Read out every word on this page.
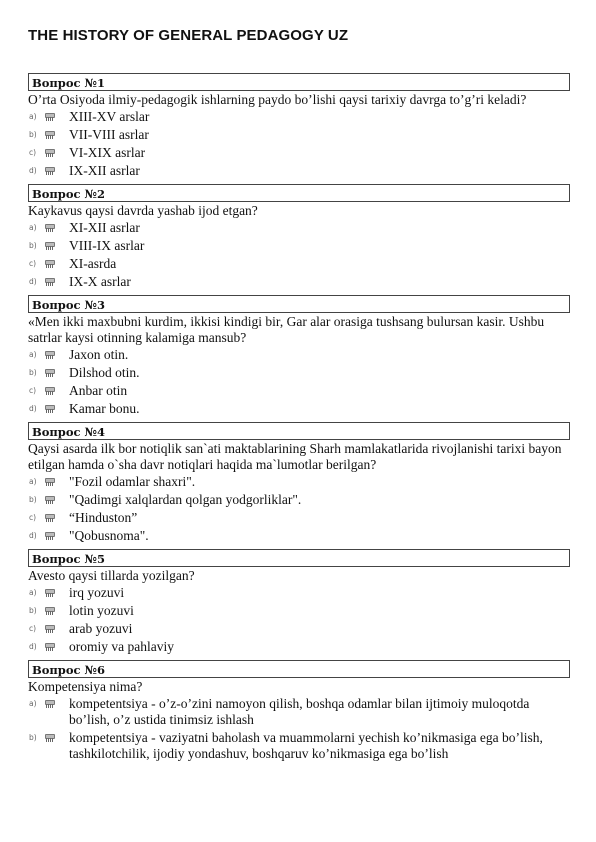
THE HISTORY OF GENERAL PEDAGOGY UZ
Вопрос №1
O’rta Osiyoda ilmiy-pedagogik ishlarning paydo bo’lishi qaysi tarixiy davrga to’g’ri keladi?
a)	XIII-XV arslar
b)	VII-VIII asrlar
c)	VI-XIX asrlar
d)	IX-XII asrlar
Вопрос №2
Kaykavus qaysi davrda yashab ijod etgan?
a)	XI-XII asrlar
b)	VIII-IX asrlar
c)	XI-asrda
d)	IX-X asrlar
Вопрос №3
«Men ikki maxbubni kurdim, ikkisi kindigi bir, Gar alar orasiga tushsang bulursan kasir. Ushbu satrlar kaysi otinning kalamiga mansub?
a)	Jaxon otin.
b)	Dilshod otin.
c)	Anbar otin
d)	Kamar bonu.
Вопрос №4
Qaysi asarda ilk bor notiqlik san`ati maktablarining Sharh mamlakatlarida rivojlanishi tarixi bayon etilgan hamda o`sha davr notiqlari haqida ma`lumotlar berilgan?
a)	"Fozil odamlar shaxri".
b)	"Qadimgi xalqlardan qolgan yodgorliklar".
c)	“Hinduston”
d)	"Qobusnoma".
Вопрос №5
Avesto qaysi tillarda yozilgan?
a)	irq yozuvi
b)	lotin yozuvi
c)	arab yozuvi
d)	oromiy va pahlaviy
Вопрос №6
Kompetensiya nima?
a)	kompetentsiya - o’z-o’zini namoyon qilish, boshqa odamlar bilan ijtimoiy muloqotda bo’lish, o’z ustida tinimsiz ishlash
b)	kompetentsiya - vaziyatni baholash va muammolarni yechish ko’nikmasiga ega bo’lish, tashkilotchilik, ijodiy yondashuv, boshqaruv ko’nikmasiga ega bo’lish
